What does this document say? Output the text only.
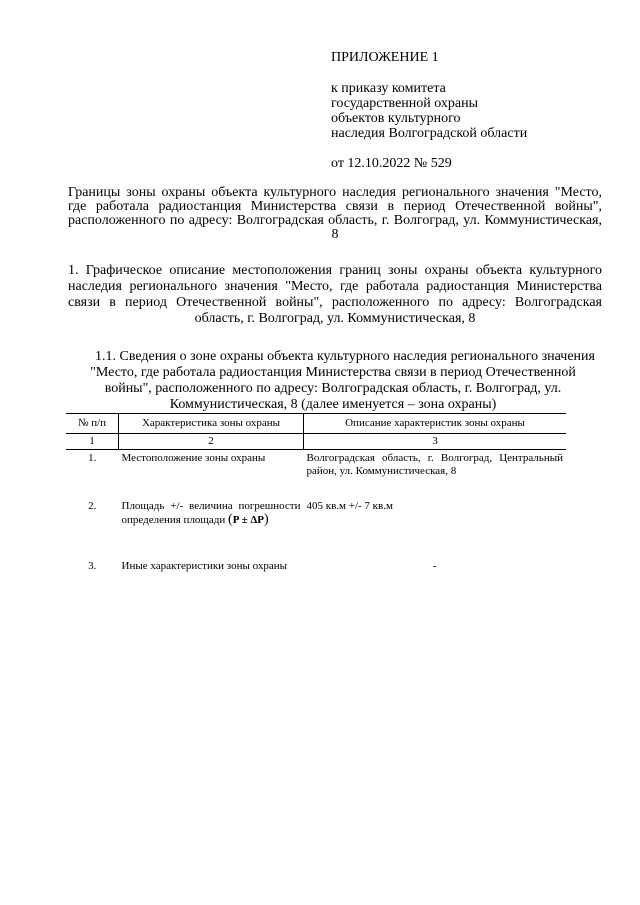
ПРИЛОЖЕНИЕ 1
к приказу комитета
государственной охраны
объектов культурного
наследия Волгоградской области
от 12.10.2022 № 529
Границы зоны охраны объекта культурного наследия регионального значения "Место, где работала радиостанция Министерства связи в период Отечественной войны", расположенного по адресу: Волгоградская область, г. Волгоград, ул. Коммунистическая, 8
1. Графическое описание местоположения границ зоны охраны объекта культурного наследия регионального значения "Место, где работала радиостанция Министерства связи в период Отечественной войны", расположенного по адресу: Волгоградская область, г. Волгоград, ул. Коммунистическая, 8
1.1. Сведения о зоне охраны объекта культурного наследия регионального значения "Место, где работала радиостанция Министерства связи в период Отечественной войны", расположенного по адресу: Волгоградская область, г. Волгоград, ул. Коммунистическая, 8 (далее именуется – зона охраны)
№ п/п	Характеристика зоны охраны	Описание характеристик зоны охраны
1	2	3
1.	Местоположение зоны охраны	Волгоградская область, г. Волгоград, Центральный район, ул. Коммунистическая, 8
2.	Площадь +/- величина погрешности определения площади (P ± ΔP)	405 кв.м +/- 7 кв.м
3.	Иные характеристики зоны охраны	-
